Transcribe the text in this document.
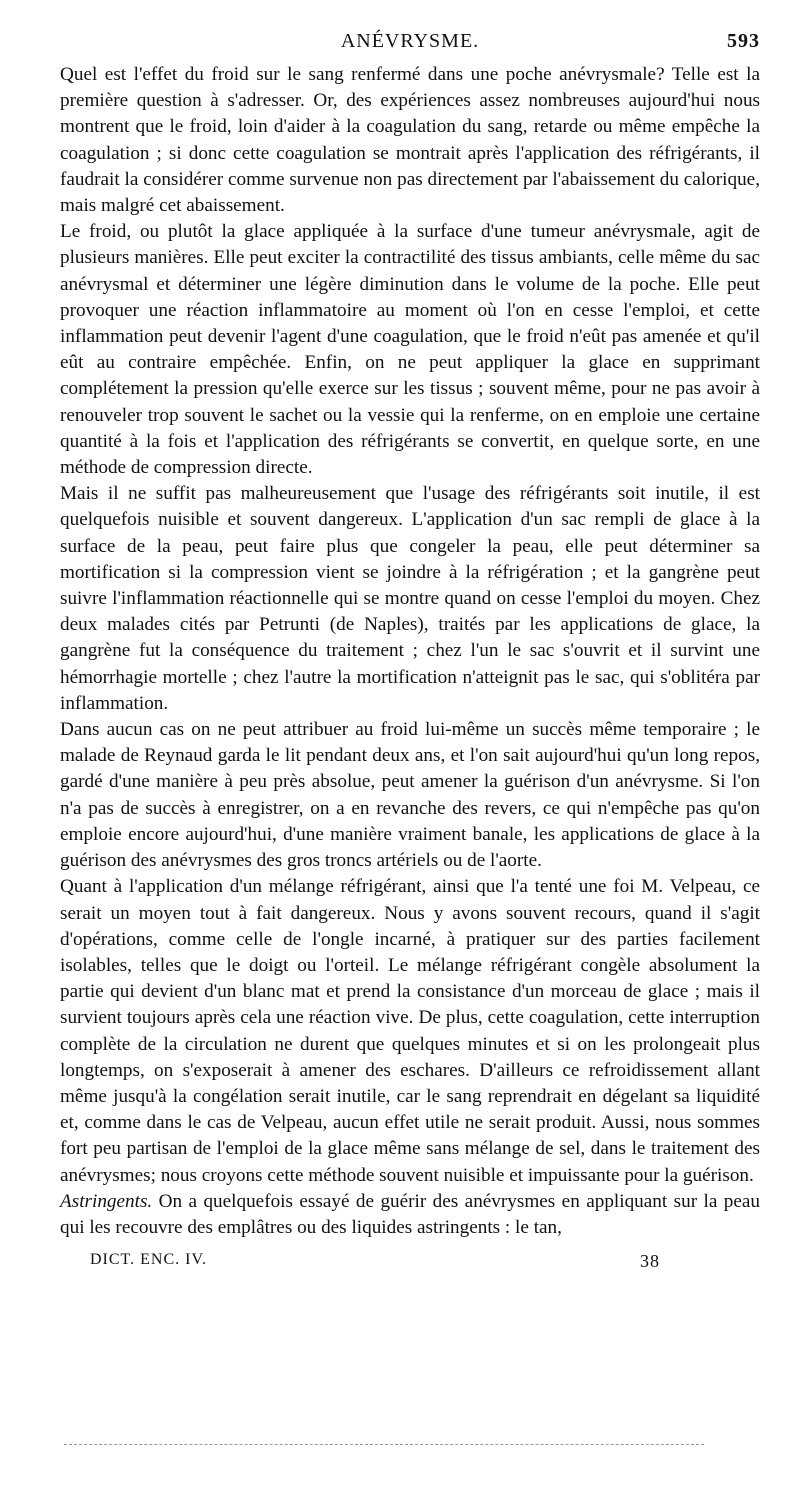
ANÉVRYSME.	593

Quel est l'effet du froid sur le sang renfermé dans une poche anévrysmale? Telle est la première question à s'adresser. Or, des expériences assez nombreuses aujourd'hui nous montrent que le froid, loin d'aider à la coagulation du sang, retarde ou même empêche la coagulation ; si donc cette coagulation se montrait après l'application des réfrigérants, il faudrait la considérer comme survenue non pas directement par l'abaissement du calorique, mais malgré cet abaissement.

Le froid, ou plutôt la glace appliquée à la surface d'une tumeur anévrysmale, agit de plusieurs manières. Elle peut exciter la contractilité des tissus ambiants, celle même du sac anévrysmal et déterminer une légère diminution dans le volume de la poche. Elle peut provoquer une réaction inflammatoire au moment où l'on en cesse l'emploi, et cette inflammation peut devenir l'agent d'une coagulation, que le froid n'eût pas amenée et qu'il eût au contraire empêchée. Enfin, on ne peut appliquer la glace en supprimant complétement la pression qu'elle exerce sur les tissus ; souvent même, pour ne pas avoir à renouveler trop souvent le sachet ou la vessie qui la renferme, on en emploie une certaine quantité à la fois et l'application des réfrigérants se convertit, en quelque sorte, en une méthode de compression directe.

Mais il ne suffit pas malheureusement que l'usage des réfrigérants soit inutile, il est quelquefois nuisible et souvent dangereux. L'application d'un sac rempli de glace à la surface de la peau, peut faire plus que congeler la peau, elle peut déterminer sa mortification si la compression vient se joindre à la réfrigération ; et la gangrène peut suivre l'inflammation réactionnelle qui se montre quand on cesse l'emploi du moyen. Chez deux malades cités par Petrunti (de Naples), traités par les applications de glace, la gangrène fut la conséquence du traitement ; chez l'un le sac s'ouvrit et il survint une hémorrhagie mortelle ; chez l'autre la mortification n'atteignit pas le sac, qui s'oblitéra par inflammation.

Dans aucun cas on ne peut attribuer au froid lui-même un succès même temporaire ; le malade de Reynaud garda le lit pendant deux ans, et l'on sait aujourd'hui qu'un long repos, gardé d'une manière à peu près absolue, peut amener la guérison d'un anévrysme. Si l'on n'a pas de succès à enregistrer, on a en revanche des revers, ce qui n'empêche pas qu'on emploie encore aujourd'hui, d'une manière vraiment banale, les applications de glace à la guérison des anévrysmes des gros troncs artériels ou de l'aorte.

Quant à l'application d'un mélange réfrigérant, ainsi que l'a tenté une foi M. Velpeau, ce serait un moyen tout à fait dangereux. Nous y avons souvent recours, quand il s'agit d'opérations, comme celle de l'ongle incarné, à pratiquer sur des parties facilement isolables, telles que le doigt ou l'orteil. Le mélange réfrigérant congèle absolument la partie qui devient d'un blanc mat et prend la consistance d'un morceau de glace ; mais il survient toujours après cela une réaction vive. De plus, cette coagulation, cette interruption complète de la circulation ne durent que quelques minutes et si on les prolongeait plus longtemps, on s'exposerait à amener des eschares. D'ailleurs ce refroidissement allant même jusqu'à la congélation serait inutile, car le sang reprendrait en dégelant sa liquidité et, comme dans le cas de Velpeau, aucun effet utile ne serait produit. Aussi, nous sommes fort peu partisan de l'emploi de la glace même sans mélange de sel, dans le traitement des anévrysmes; nous croyons cette méthode souvent nuisible et impuissante pour la guérison.

Astringents. On a quelquefois essayé de guérir des anévrysmes en appliquant sur la peau qui les recouvre des emplâtres ou des liquides astringents : le tan,

DICT. ENC. IV.	38
